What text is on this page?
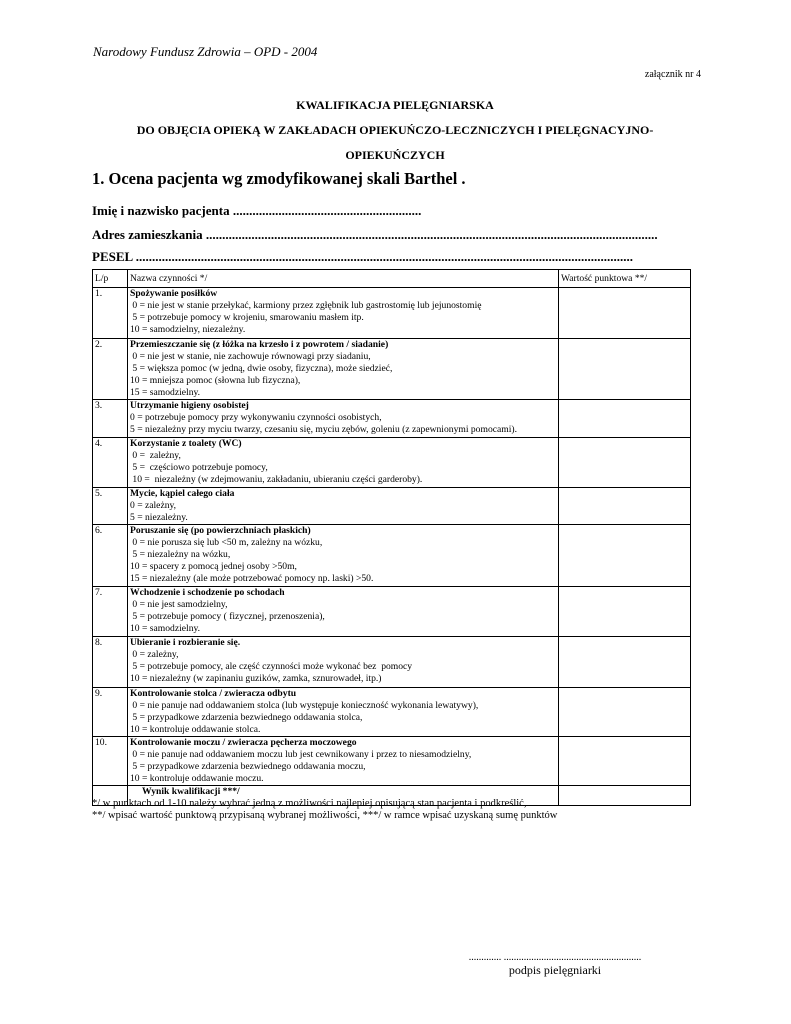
Narodowy Fundusz Zdrowia – OPD - 2004
załącznik nr 4
KWALIFIKACJA PIELĘGNIARSKA
DO OBJĘCIA OPIEKĄ W ZAKŁADACH OPIEKUŃCZO-LECZNICZYCH I PIELĘGNACYJNO-
OPIEKUŃCZYCH
1. Ocena pacjenta wg zmodyfikowanej skali Barthel .
Imię i nazwisko pacjenta ..........................................................
Adres zamieszkania ...........................................................................................................................................
PESEL .........................................................................................................................................................
L/p	Nazwa czynności */	Wartość punktowa **/
1.	Spożywanie posiłków
0 = nie jest w stanie przełykać, karmiony przez zgłębnik lub gastrostomię lub jejunostomię
5 = potrzebuje pomocy w krojeniu, smarowaniu masłem itp.
10 = samodzielny, niezależny.	

2.	Przemieszczanie się (z łóżka na krzesło i z powrotem / siadanie)
0 = nie jest w stanie, nie zachowuje równowagi przy siadaniu,
5 = większa pomoc (w jedną, dwie osoby, fizyczna), może siedzieć,
10 = mniejsza pomoc (słowna lub fizyczna),
15 = samodzielny.	

3.	Utrzymanie higieny osobistej
0 = potrzebuje pomocy przy wykonywaniu czynności osobistych,
5 = niezależny przy myciu twarzy, czesaniu się, myciu zębów, goleniu (z zapewnionymi pomocami).	

4.	Korzystanie z toalety (WC)
0 =  zależny,
5 =  częściowo potrzebuje pomocy,
10 =  niezależny (w zdejmowaniu, zakładaniu, ubieraniu części garderoby).	

5.	Mycie, kąpiel całego ciała
0 = zależny,
5 = niezależny.	

6.	Poruszanie się (po powierzchniach płaskich)
0 = nie porusza się lub <50 m, zależny na wózku,
5 = niezależny na wózku,
10 = spacery z pomocą jednej osoby >50m,
15 = niezależny (ale może potrzebować pomocy np. laski) >50.	

7.	Wchodzenie i schodzenie po schodach
0 = nie jest samodzielny,
5 = potrzebuje pomocy ( fizycznej, przenoszenia),
10 = samodzielny.	

8.	Ubieranie i rozbieranie się.
0 = zależny,
5 = potrzebuje pomocy, ale część czynności może wykonać bez  pomocy
10 = niezależny (w zapinaniu guzików, zamka, sznurowadeł, itp.)	

9.	Kontrolowanie stolca / zwieracza odbytu
0 = nie panuje nad oddawaniem stolca (lub występuje konieczność wykonania lewatywy),
5 = przypadkowe zdarzenia bezwiednego oddawania stolca,
10 = kontroluje oddawanie stolca.	

10.	Kontrolowanie moczu / zwieracza pęcherza moczowego
0 = nie panuje nad oddawaniem moczu lub jest cewnikowany i przez to niesamodzielny,
5 = przypadkowe zdarzenia bezwiednego oddawania moczu,
10 = kontroluje oddawanie moczu.	

	Wynik kwalifikacji ***/	

*/ w punktach od 1-10 należy wybrać jedną z możliwości najlepiej opisującą stan pacjenta i podkreślić,
**/ wpisać wartość punktową przypisaną wybranej możliwości, ***/ w ramce wpisać uzyskaną sumę punktów
............. .......................................................
podpis pielęgniarki
